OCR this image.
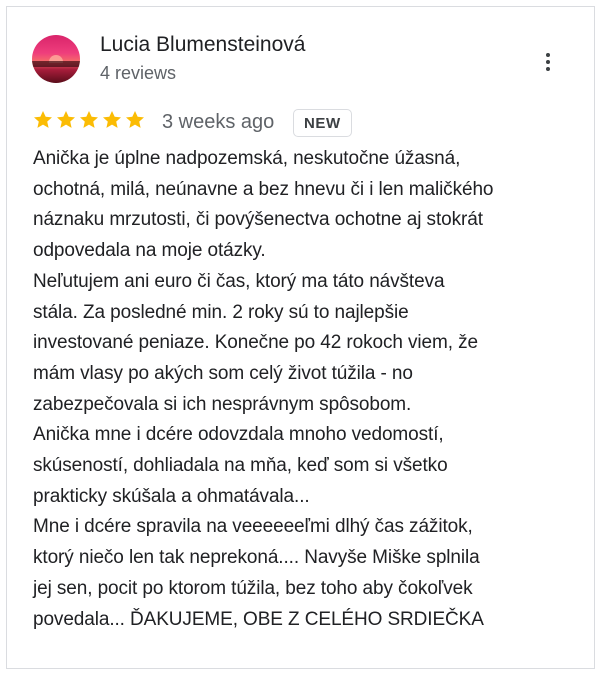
Lucia Blumensteinová
4 reviews
3 weeks ago	NEW
Anička je úplne nadpozemská, neskutočne úžasná,
ochotná, milá, neúnavne a bez hnevu či i len maličkého
náznaku mrzutosti, či povýšenectva ochotne aj stokrát
odpovedala na moje otázky.
Neľutujem ani euro či čas, ktorý ma táto návšteva
stála. Za posledné min. 2 roky sú to najlepšie
investované peniaze. Konečne po 42 rokoch viem, že
mám vlasy po akých som celý život túžila - no
zabezpečovala si ich nesprávnym spôsobom.
Anička mne i dcére odovzdala mnoho vedomostí,
skúseností, dohliadala na mňa, keď som si všetko
prakticky skúšala a ohmatávala...
Mne i dcére spravila na veeeeeeľmi dlhý čas zážitok,
ktorý niečo len tak neprekoná.... Navyše Miške splnila
jej sen, pocit po ktorom túžila, bez toho aby čokoľvek
povedala... ĎAKUJEME, OBE Z CELÉHO SRDIEČKA
